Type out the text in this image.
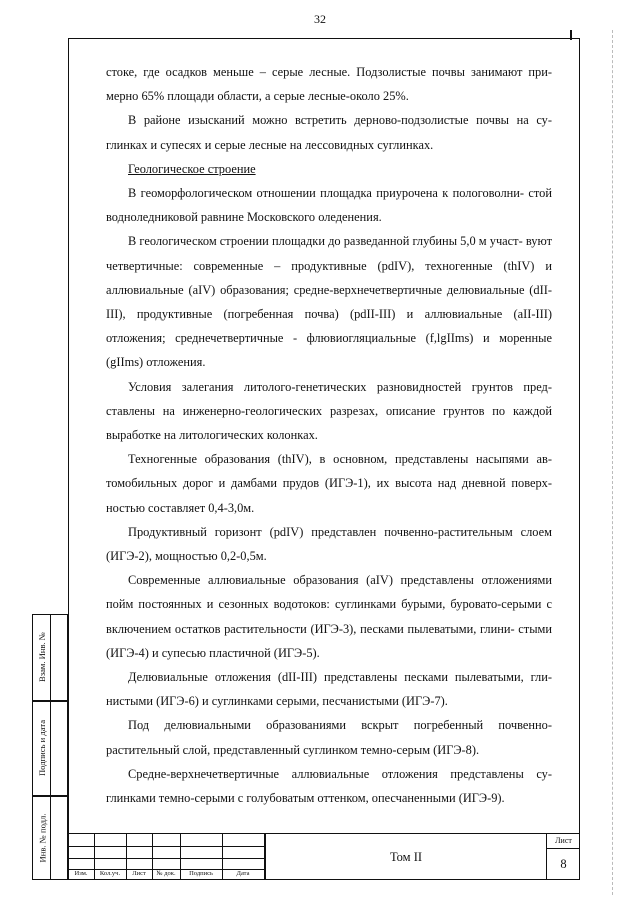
32

стоке, где осадков меньше – серые лесные. Подзолистые почвы занимают при- мерно 65% площади области, а серые лесные-около 25%.

В районе изысканий можно встретить дерново-подзолистые почвы на су- глинках и супесях и серые лесные на лессовидных суглинках.

Геологическое строение

В геоморфологическом отношении площадка приурочена к пологоволни- стой водноледниковой равнине Московского оледенения.

В геологическом строении площадки до разведанной глубины 5,0 м участ- вуют четвертичные: современные – продуктивные (pdIV), техногенные (thIV) и аллювиальные (aIV) образования; средне-верхнечетвертичные делювиальные (dII-III), продуктивные (погребенная почва) (pdII-III) и аллювиальные (aII-III) отложения; среднечетвертичные - флювиогляциальные (f,lgIIms) и моренные (gIIms) отложения.

Условия залегания литолого-генетических разновидностей грунтов пред- ставлены на инженерно-геологических разрезах, описание грунтов по каждой выработке на литологических колонках.

Техногенные образования (thIV), в основном, представлены насыпями ав- томобильных дорог и дамбами прудов (ИГЭ-1), их высота над дневной поверх- ностью составляет 0,4-3,0м.

Продуктивный горизонт (pdIV) представлен почвенно-растительным слоем (ИГЭ-2), мощностью 0,2-0,5м.

Современные аллювиальные образования (aIV) представлены отложениями пойм постоянных и сезонных водотоков: суглинками бурыми, буровато-серыми с включением остатков растительности (ИГЭ-3), песками пылеватыми, глини- стыми (ИГЭ-4) и супесью пластичной (ИГЭ-5).

Делювиальные отложения (dII-III) представлены песками пылеватыми, гли- нистыми (ИГЭ-6) и суглинками серыми, песчанистыми (ИГЭ-7).

Под делювиальными образованиями вскрыт погребенный почвенно- растительный слой, представленный суглинком темно-серым (ИГЭ-8).

Средне-верхнечетвертичные аллювиальные отложения представлены су- глинками темно-серыми с голубоватым оттенком, опесчаненными (ИГЭ-9).

Изм.	Кол.уч.	Лист	№ док.	Подпись	Дата
Том II
Лист
8
Взам. Инв. №
Подпись и дата
Инв. № подл.
